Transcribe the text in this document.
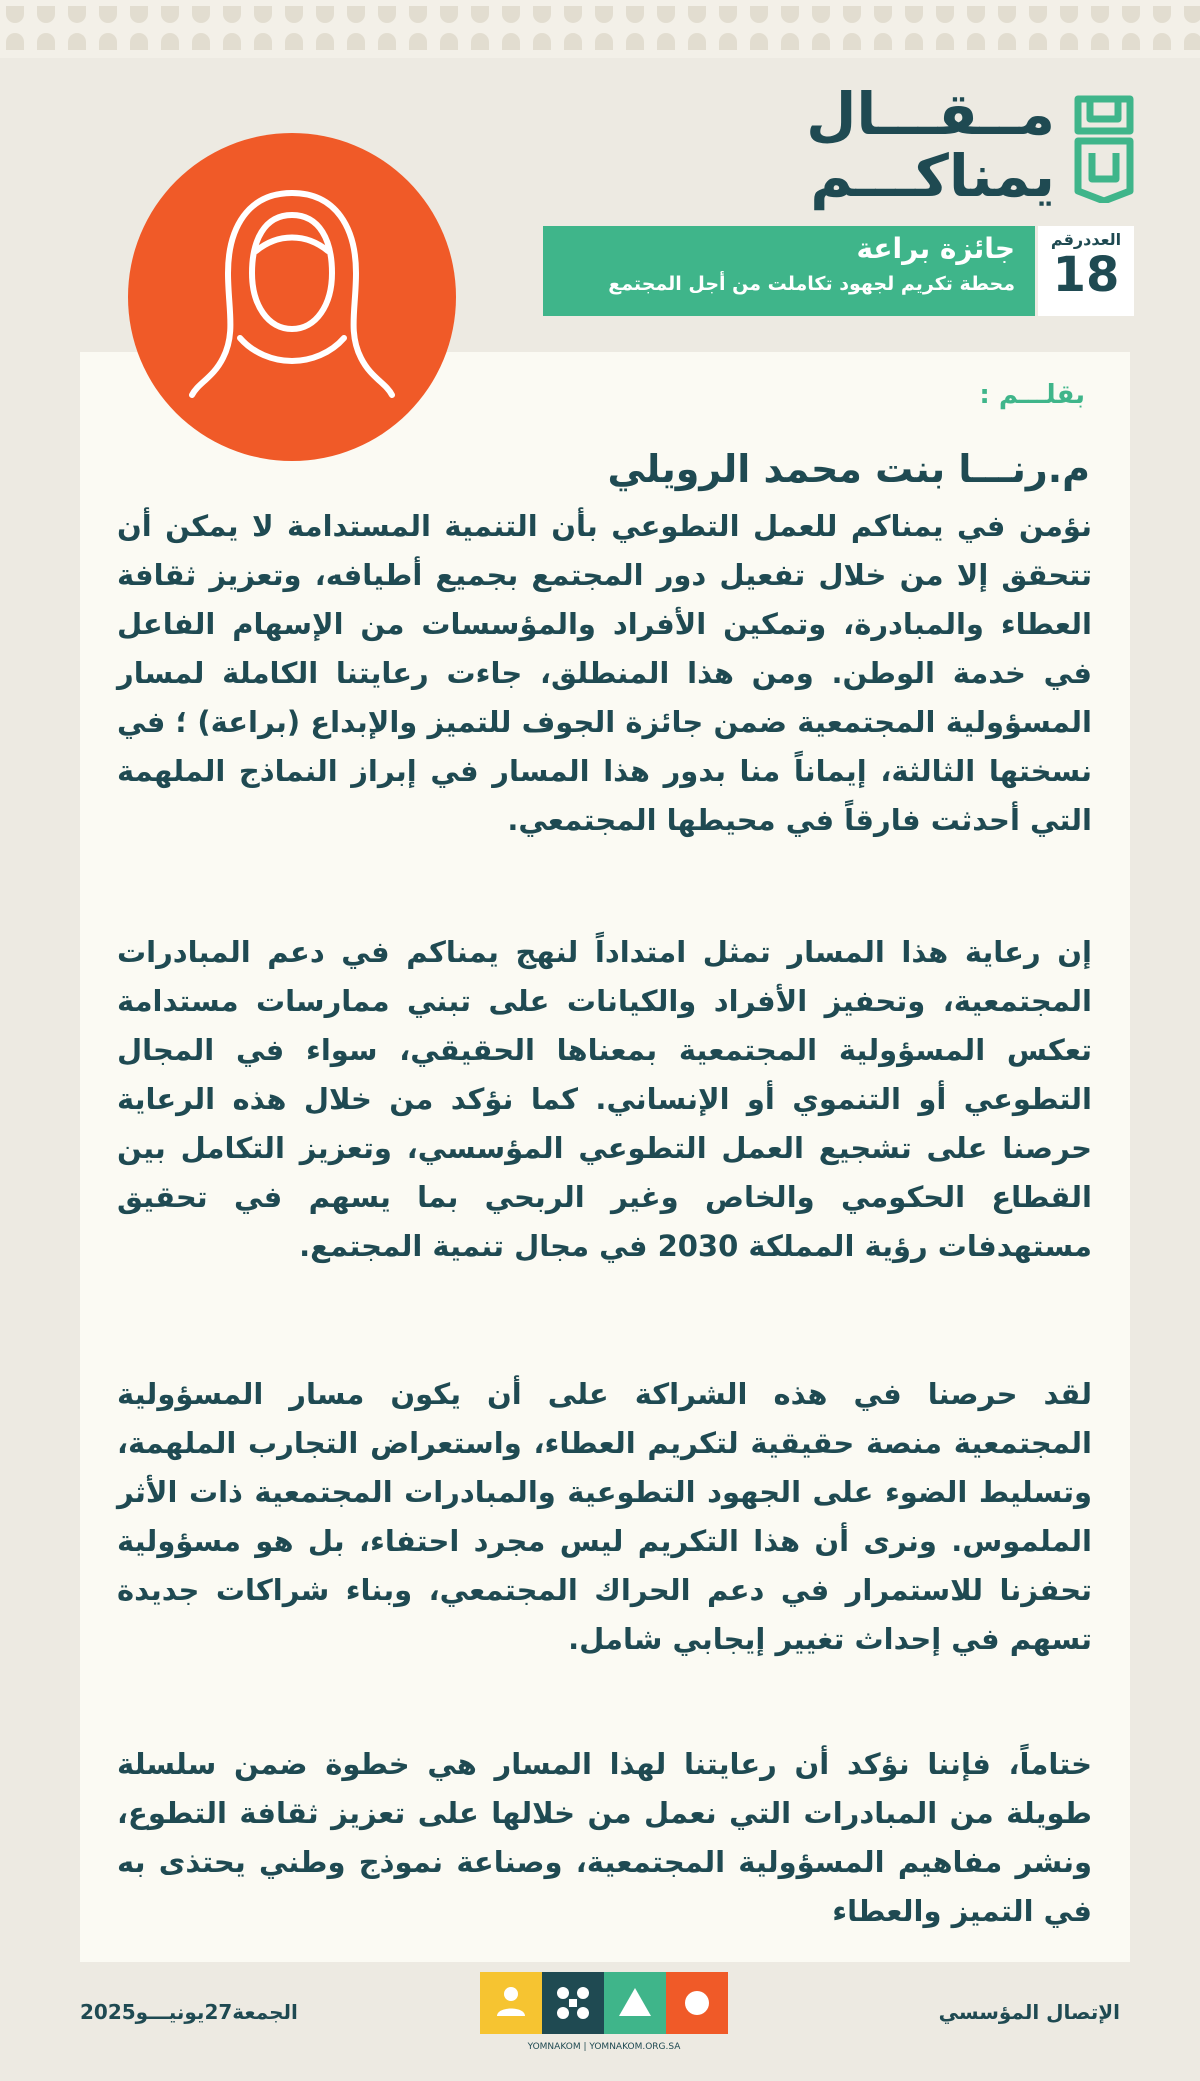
مــقـــال
يمناكـــم
جائزة براعة
محطة تكريم لجهود تكاملت من أجل المجتمع
العددرقم
18
بقلـــم :
م.رنـــا بنت محمد الرويلي

نؤمن في يمناكم للعمل التطوعي بأن التنمية المستدامة لا يمكن أن تتحقق إلا من خلال تفعيل دور المجتمع بجميع أطيافه، وتعزيز ثقافة العطاء والمبادرة، وتمكين الأفراد والمؤسسات من الإسهام الفاعل في خدمة الوطن. ومن هذا المنطلق، جاءت رعايتنا الكاملة لمسار المسؤولية المجتمعية ضمن جائزة الجوف للتميز والإبداع (براعة) ؛ في نسختها الثالثة، إيماناً منا بدور هذا المسار في إبراز النماذج الملهمة التي أحدثت فارقاً في محيطها المجتمعي.

إن رعاية هذا المسار تمثل امتداداً لنهج يمناكم في دعم المبادرات المجتمعية، وتحفيز الأفراد والكيانات على تبني ممارسات مستدامة تعكس المسؤولية المجتمعية بمعناها الحقيقي، سواء في المجال التطوعي أو التنموي أو الإنساني. كما نؤكد من خلال هذه الرعاية حرصنا على تشجيع العمل التطوعي المؤسسي، وتعزيز التكامل بين القطاع الحكومي والخاص وغير الربحي بما يسهم في تحقيق مستهدفات رؤية المملكة 2030 في مجال تنمية المجتمع.

لقد حرصنا في هذه الشراكة على أن يكون مسار المسؤولية المجتمعية منصة حقيقية لتكريم العطاء، واستعراض التجارب الملهمة، وتسليط الضوء على الجهود التطوعية والمبادرات المجتمعية ذات الأثر الملموس. ونرى أن هذا التكريم ليس مجرد احتفاء، بل هو مسؤولية تحفزنا للاستمرار في دعم الحراك المجتمعي، وبناء شراكات جديدة تسهم في إحداث تغيير إيجابي شامل.

ختاماً، فإننا نؤكد أن رعايتنا لهذا المسار هي خطوة ضمن سلسلة طويلة من المبادرات التي نعمل من خلالها على تعزيز ثقافة التطوع، ونشر مفاهيم المسؤولية المجتمعية، وصناعة نموذج وطني يحتذى به في التميز والعطاء

الإتصال المؤسسي
YOMNAKOM | YOMNAKOM.ORG.SA
الجمعة27يونيـــو2025
